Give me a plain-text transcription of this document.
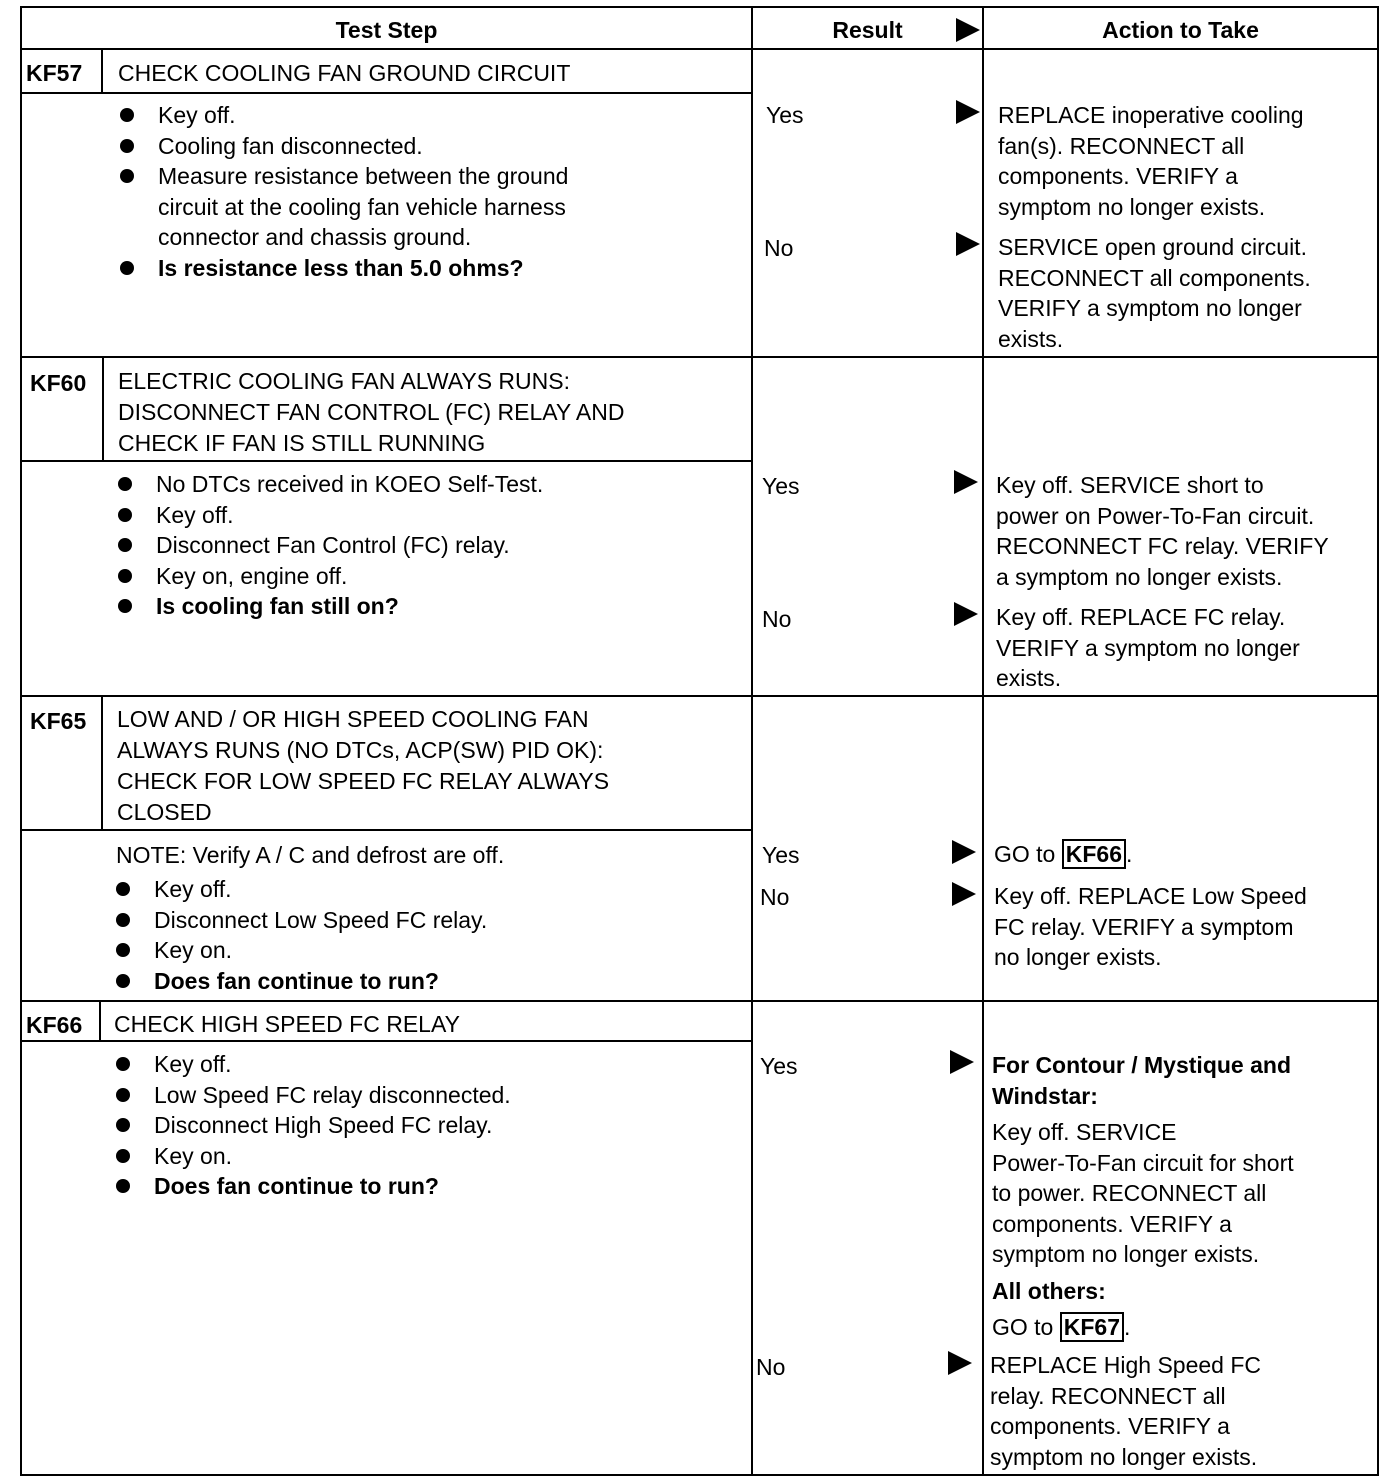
Test Step	Result	Action to Take
KF57 CHECK COOLING FAN GROUND CIRCUIT
Key off.
Cooling fan disconnected.
Measure resistance between the ground
circuit at the cooling fan vehicle harness
connector and chassis ground.
Is resistance less than 5.0 ohms?
Yes	REPLACE inoperative cooling
fan(s). RECONNECT all
components. VERIFY a
symptom no longer exists.
No	SERVICE open ground circuit.
RECONNECT all components.
VERIFY a symptom no longer
exists.
KF60 ELECTRIC COOLING FAN ALWAYS RUNS:
DISCONNECT FAN CONTROL (FC) RELAY AND
CHECK IF FAN IS STILL RUNNING
No DTCs received in KOEO Self-Test.
Key off.
Disconnect Fan Control (FC) relay.
Key on, engine off.
Is cooling fan still on?
Yes	Key off. SERVICE short to
power on Power-To-Fan circuit.
RECONNECT FC relay. VERIFY
a symptom no longer exists.
No	Key off. REPLACE FC relay.
VERIFY a symptom no longer
exists.
KF65 LOW AND / OR HIGH SPEED COOLING FAN
ALWAYS RUNS (NO DTCs, ACP(SW) PID OK):
CHECK FOR LOW SPEED FC RELAY ALWAYS
CLOSED
NOTE: Verify A / C and defrost are off.
Key off.
Disconnect Low Speed FC relay.
Key on.
Does fan continue to run?
Yes	GO to KF66 .
No	Key off. REPLACE Low Speed
FC relay. VERIFY a symptom
no longer exists.
KF66 CHECK HIGH SPEED FC RELAY
Key off.
Low Speed FC relay disconnected.
Disconnect High Speed FC relay.
Key on.
Does fan continue to run?
Yes	For Contour / Mystique and
Windstar:
Key off. SERVICE
Power-To-Fan circuit for short
to power. RECONNECT all
components. VERIFY a
symptom no longer exists.
All others:
GO to KF67 .
No	REPLACE High Speed FC
relay. RECONNECT all
components. VERIFY a
symptom no longer exists.
